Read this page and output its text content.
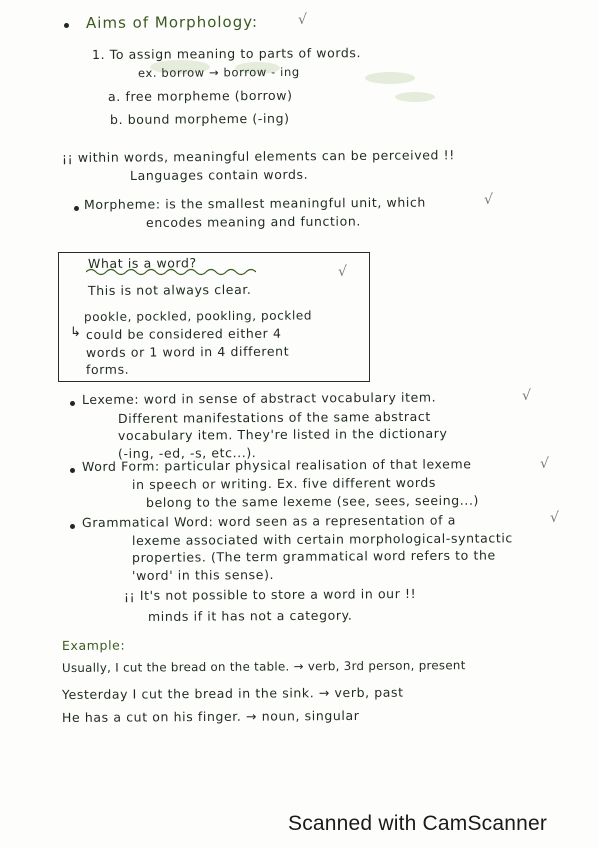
Aims of Morphology:	√
1. To assign meaning to parts of words.
ex. borrow → borrow - ing
a. free morpheme (borrow)
b. bound morpheme (-ing)
¡¡ within words, meaningful elements can be perceived !!
Languages contain words.
Morpheme: is the smallest meaningful unit, which
encodes meaning and function.
√
What is a word?
√
This is not always clear.
pookle, pockled, pookling, pockled
↳ could be considered either 4
words or 1 word in 4 different
forms.
Lexeme: word in sense of abstract vocabulary item.	√
Different manifestations of the same abstract
vocabulary item. They're listed in the dictionary
(-ing, -ed, -s, etc...).
Word Form: particular physical realisation of that lexeme	√
in speech or writing. Ex. five different words
belong to the same lexeme (see, sees, seeing...)
Grammatical Word: word seen as a representation of a	√
lexeme associated with certain morphological-syntactic
properties. (The term grammatical word refers to the
'word' in this sense).
¡¡ It's not possible to store a word in our !!
minds if it has not a category.
Example:
Usually, I cut the bread on the table. → verb, 3rd person, present
Yesterday I cut the bread in the sink. → verb, past
He has a cut on his finger. → noun, singular
Scanned with CamScanner
